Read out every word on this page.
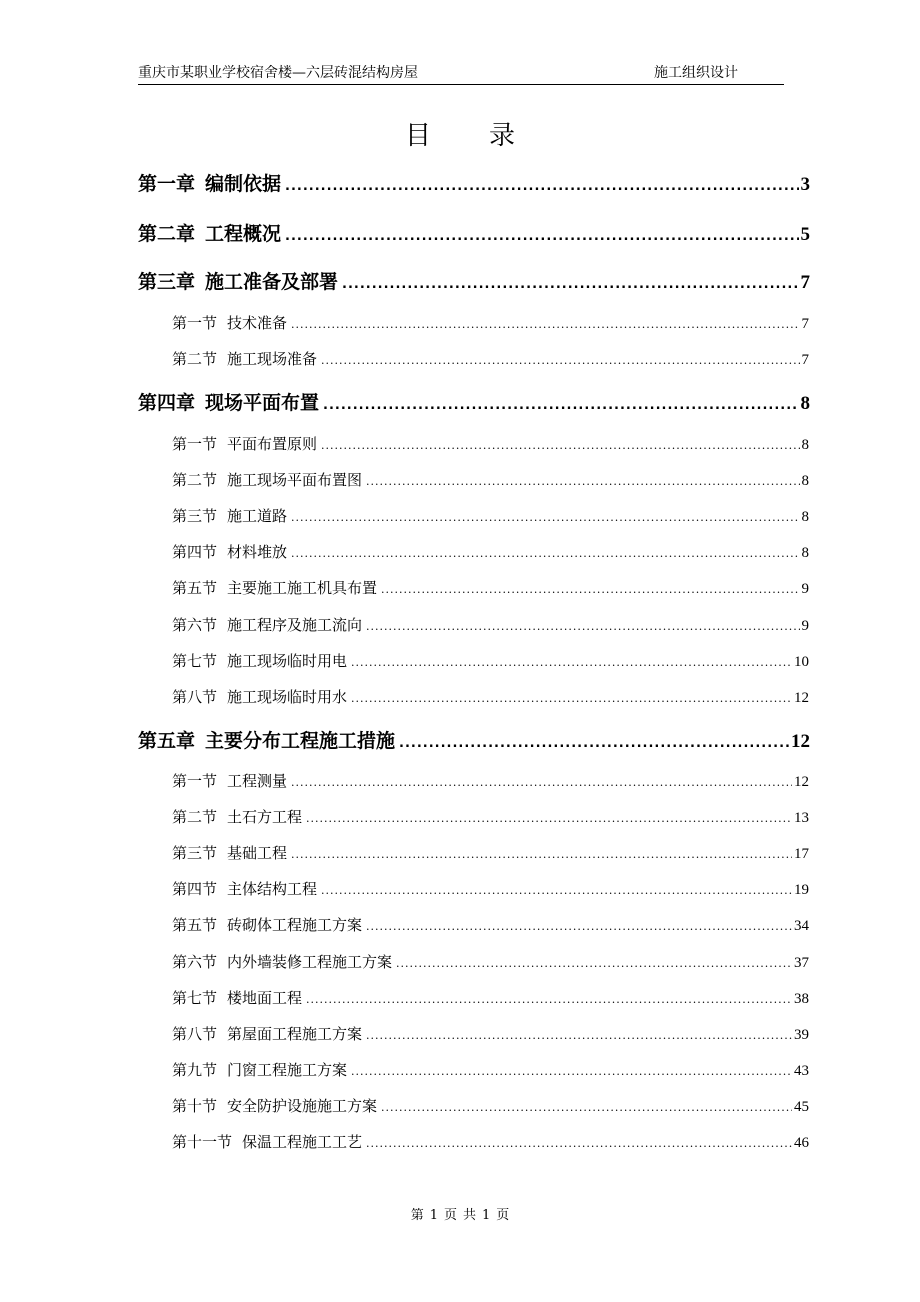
重庆市某职业学校宿舍楼—六层砖混结构房屋	施工组织设计
目录
第一章 编制依据 .....	3
第二章 工程概况 .....	5
第三章 施工准备及部署 .....	7
第一节 技术准备 .....	7
第二节 施工现场准备 .....	7
第四章 现场平面布置 .....	8
第一节 平面布置原则 .....	8
第二节 施工现场平面布置图 .....	8
第三节 施工道路 .....	8
第四节 材料堆放 .....	8
第五节 主要施工施工机具布置 .....	9
第六节 施工程序及施工流向 .....	9
第七节 施工现场临时用电 .....	10
第八节 施工现场临时用水 .....	12
第五章 主要分布工程施工措施 .....	12
第一节 工程测量 .....	12
第二节 土石方工程 .....	13
第三节 基础工程 .....	17
第四节 主体结构工程 .....	19
第五节 砖砌体工程施工方案 .....	34
第六节 内外墙装修工程施工方案 .....	37
第七节 楼地面工程 .....	38
第八节 第屋面工程施工方案 .....	39
第九节 门窗工程施工方案 .....	43
第十节 安全防护设施施工方案 .....	45
第十一节 保温工程施工工艺 .....	46
第 1 页 共 1 页
